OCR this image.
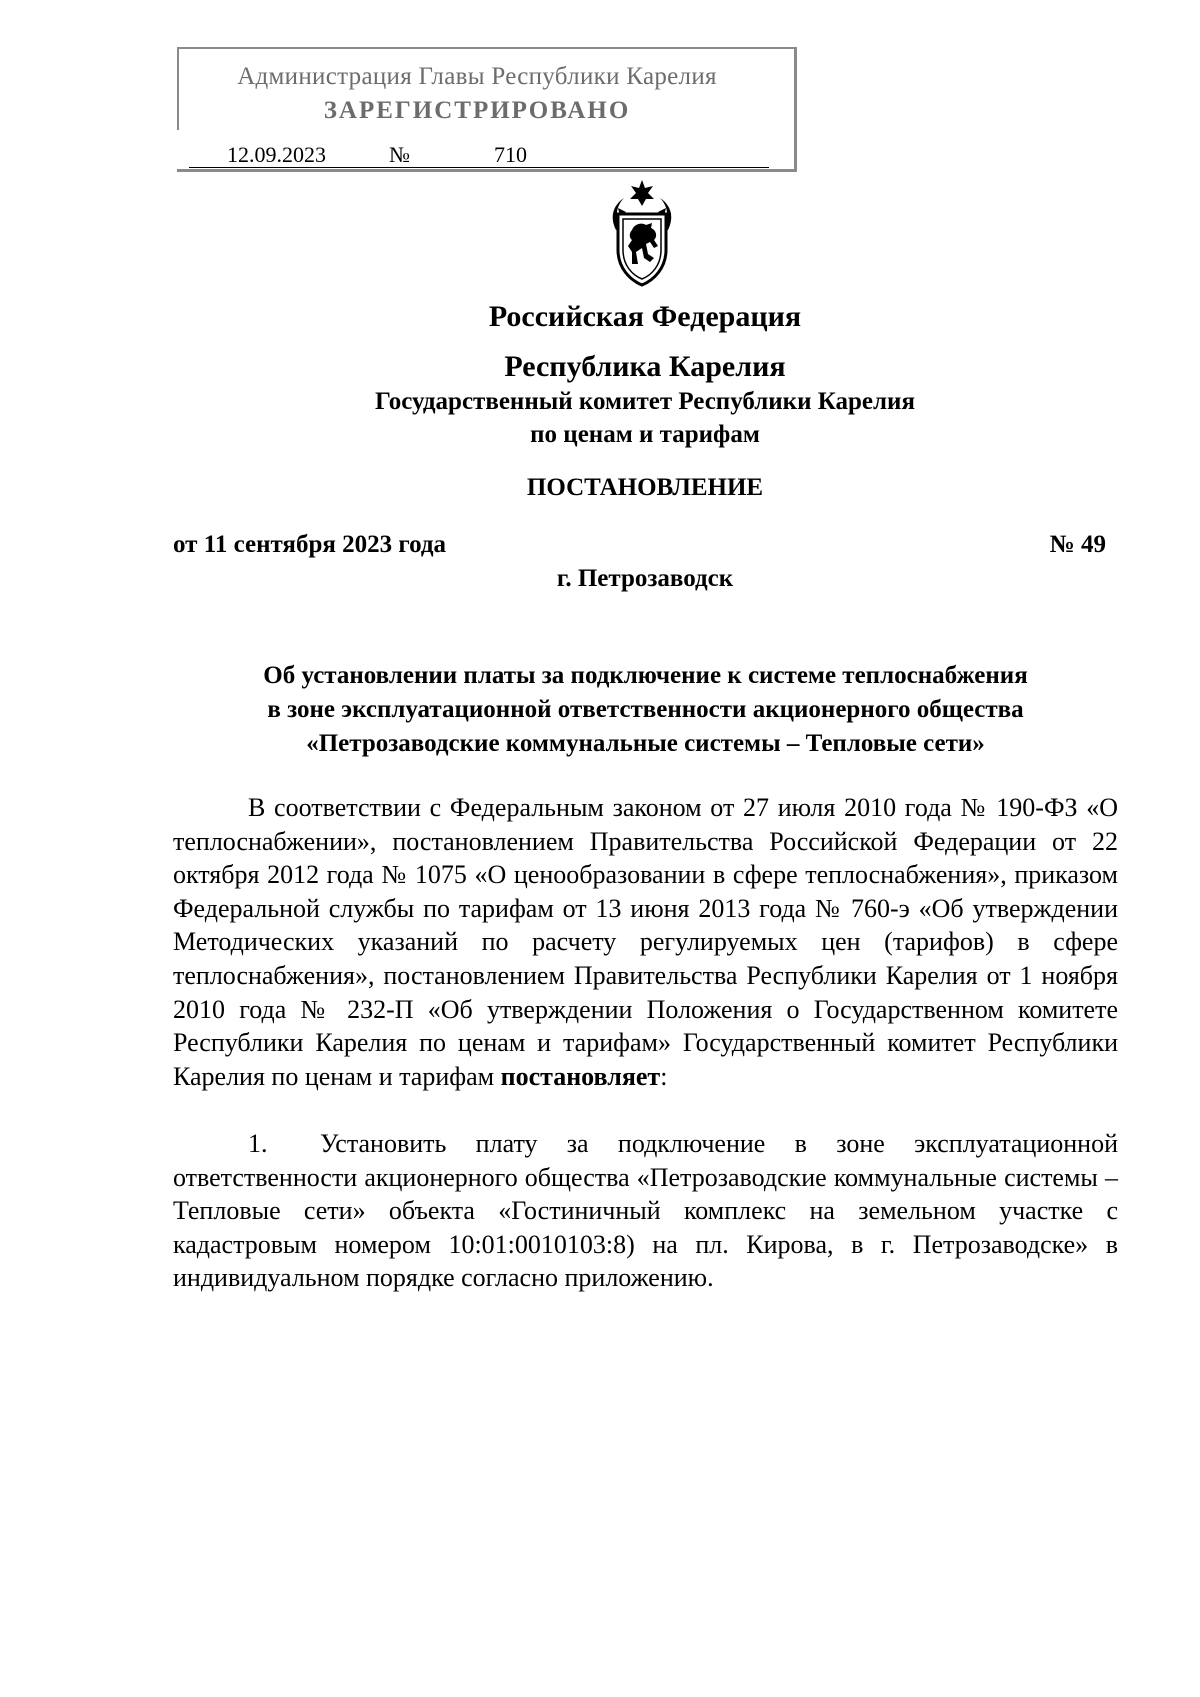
Администрация Главы Республики Карелия
ЗАРЕГИСТРИРОВАНО
12.09.2023	№	710
Российская Федерация
Республика Карелия
Государственный комитет Республики Карелия
по ценам и тарифам
ПОСТАНОВЛЕНИЕ
от 11 сентября 2023 года	№ 49
г. Петрозаводск
Об установлении платы за подключение к системе теплоснабжения
в зоне эксплуатационной ответственности акционерного общества
«Петрозаводские коммунальные системы – Тепловые сети»
В соответствии с Федеральным законом от 27 июля 2010 года № 190-ФЗ «О теплоснабжении», постановлением Правительства Российской Федерации от 22 октября 2012 года № 1075 «О ценообразовании в сфере теплоснабжения», приказом Федеральной службы по тарифам от 13 июня 2013 года № 760-э «Об утверждении Методических указаний по расчету регулируемых цен (тарифов) в сфере теплоснабжения», постановлением Правительства Республики Карелия от 1 ноября 2010 года № 232-П «Об утверждении Положения о Государственном комитете Республики Карелия по ценам и тарифам» Государственный комитет Республики Карелия по ценам и тарифам постановляет:
1. Установить плату за подключение в зоне эксплуатационной ответственности акционерного общества «Петрозаводские коммунальные системы – Тепловые сети» объекта «Гостиничный комплекс на земельном участке с кадастровым номером 10:01:0010103:8) на пл. Кирова, в г. Петрозаводске» в индивидуальном порядке согласно приложению.
